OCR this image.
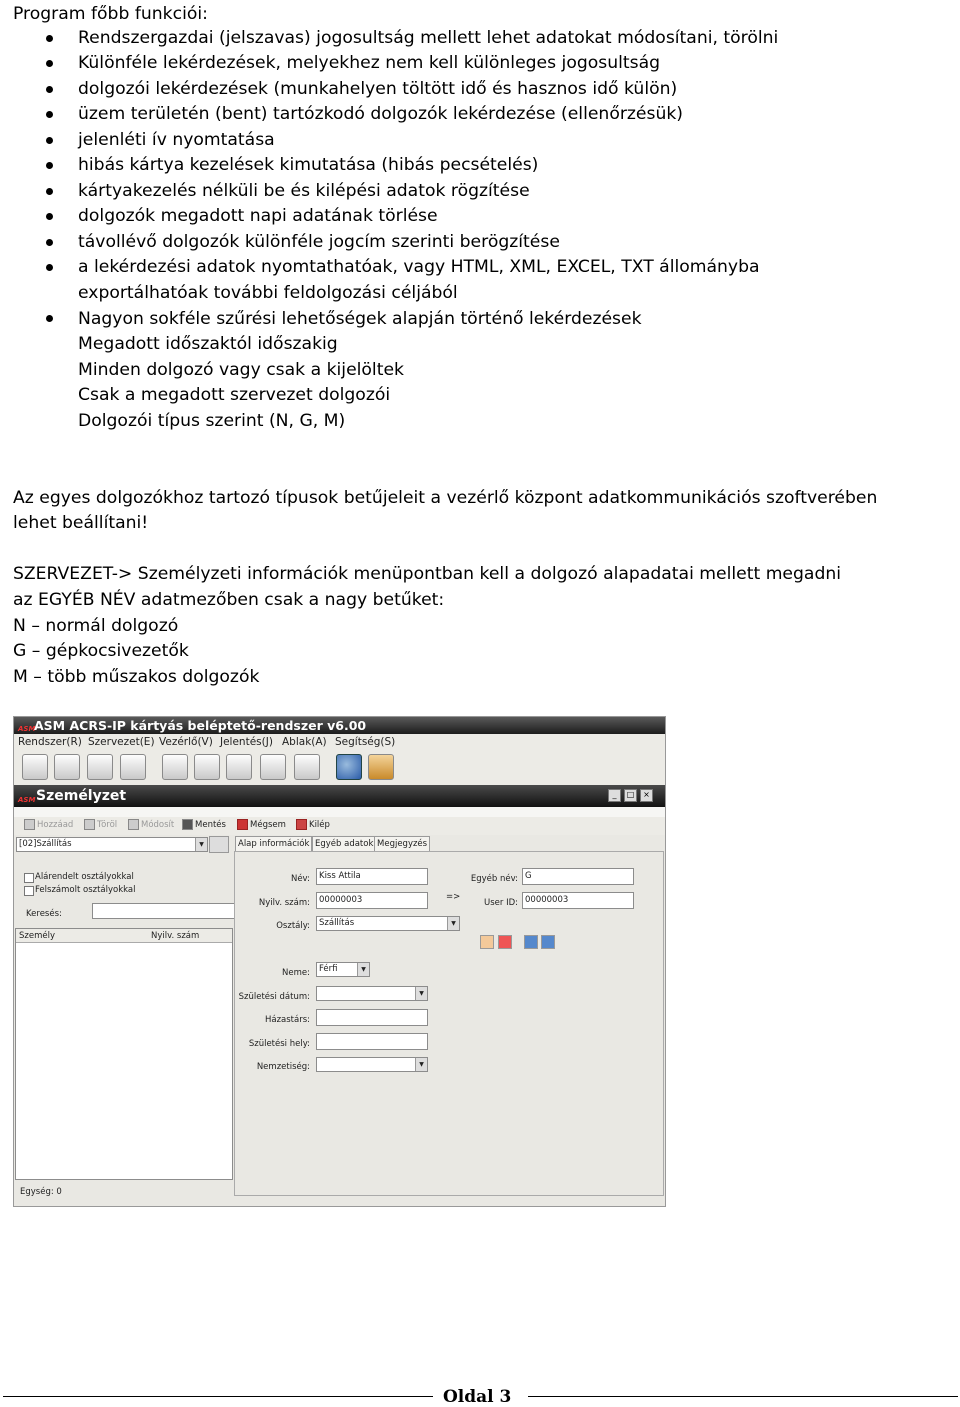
Program főbb funkciói:
Rendszergazdai (jelszavas) jogosultság mellett lehet adatokat módosítani, törölni
Különféle lekérdezések, melyekhez nem kell különleges jogosultság
dolgozói lekérdezések (munkahelyen töltött idő és hasznos idő külön)
üzem területén (bent) tartózkodó dolgozók lekérdezése (ellenőrzésük)
jelenléti ív nyomtatása
hibás kártya kezelések kimutatása (hibás pecsételés)
kártyakezelés nélküli be és kilépési adatok rögzítése
dolgozók megadott napi adatának törlése
távollévő dolgozók különféle jogcím szerinti berögzítése
a lekérdezési adatok nyomtathatóak, vagy HTML, XML, EXCEL, TXT állományba
exportálhatóak további feldolgozási céljából
Nagyon sokféle szűrési lehetőségek alapján történő lekérdezések
Megadott időszaktól időszakig
Minden dolgozó vagy csak a kijelöltek
Csak a megadott szervezet dolgozói
Dolgozói típus szerint (N, G, M)
Az egyes dolgozókhoz tartozó típusok betűjeleit a vezérlő központ adatkommunikációs szoftverében
lehet beállítani!
SZERVEZET-> Személyzeti információk menüpontban kell a dolgozó alapadatai mellett megadni
az EGYÉB NÉV adatmezőben csak a nagy betűket:
N – normál dolgozó
G – gépkocsivezetők
M – több műszakos dolgozók
ASM
ASM ACRS-IP kártyás beléptető-rendszer v6.00
Rendszer(R) Szervezet(E) Vezérlő(V) Jelentés(J) Ablak(A) Segítség(S)
ASM Személyzet	_	□	×
Hozzáad	Töröl	Módosít	Mentés	Mégsem	Kilép
[02]Szállítás	▼
Alárendelt osztályokkal
Felszámolt osztályokkal
Keresés:
Személy	Nyilv. szám
Egység: 0
Alap információk Egyéb adatok Megjegyzés
Név:	Kiss Attila
Nyilv. szám:	00000003	=>
Osztály:	Szállítás	▼
Egyéb név: G
User ID: 00000003
Neme:	Férfi	▼
Születési dátum:	▼
Házastárs:
Születési hely:
Nemzetiség:	▼
Oldal 3
